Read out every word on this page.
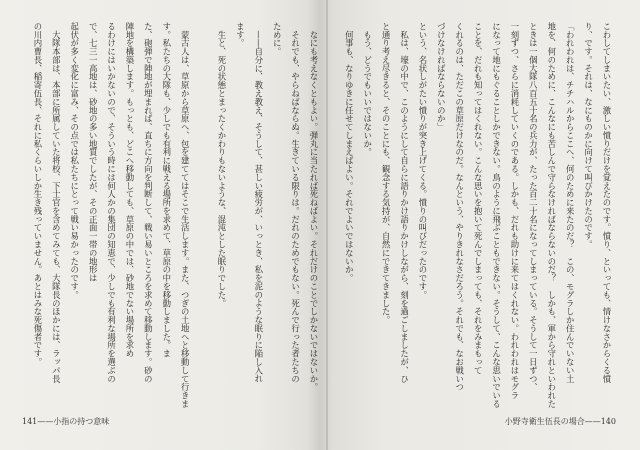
　なにも考えなくともよい。弾丸に当たれば死ねばよい。それだけのことでしかないではないか。
　それでも、やらねばならぬ。生きている限りは。だれのためでもない。死んで行った者たちの
ために。
　——自分に、教え教え、そうして、甚しい疲労が、いっとき、私を泥のような眠りに陥し入れ
ます。
　生と、死の状態とまったくかわりもないような、混沌とした眠りでした。
　蒙古人は、草原から草原へ、包を建ててはそこで生活します。また、つぎの土地へと移動して行きま
す。私たちの大隊も、少しでも有利に戦える場所を求めて、草原の中を移動しました。ま
た、砲弾で陣地が埋まれば、直ちに方向を判断して、戦い易いところを求めて移動します。砂の
陣地を構築します。もっとも、どこへ移動しても、草原の中では、砂地でない場所を求め
るわけにはいかないので、そういう時には何人かの集団の知恵で、少しでも有利な場所を選ぶの
で、七三一高地は、砂地の多い地質でしたが、その正面一帯の地形は
起伏が多く変化に富み、その点では私たちにとって戦い易かったのです。
　大隊本部は、本部に所属していた将校、下士官を含めてみても、大隊長のほかには、ラッパ長
の川内曹長、稲寄伍長、それに私くらいしか生き残っていません。あとはみな死傷者です。	こわしてしまいたい、激しい憤りだけを覚えたのです。憤り、といっても、情けなさからくる憤
り、です。それは、なにものかに向けて叫びかけたのです。
「われわれは、チチハルからここへ、何のために来たのだ？　この、モグラしか住んでいない土
地を、何のために、こんなにも苦しんで守らなければならないのだ？　しかも、軍から守れといわれた
ときは一個大隊八百五十名の兵力が、たった百二十名になってしまっている。そうして一日ずつ、
一刻ずつ、さらに消耗していくのである。しかも、だれも助けに来てはくれない。われわれはモグラ
になって地にもぐることしかできない。鳥のように飛ぶこともできない。そうして、こんな思いでいる
ことを、だれも知ってはくれない。こんな思いを抱いて死んでしまっても、それをみまもって
くれるのは、ただこの草原だけなのだ。なんという、やりきれなさだろう。それでも、なお戦いつ
づけなければならないのか」
という、名状しがたい憤りが突き上げてくる。憤りの叫びだったのです。
　私は、壕の中で、このようにして自らに語りかけ語りかけしながら、刻を過ごしましたが、ひ
と通り考え尽きると、そのことにも、観念する気持が、自然にできてきました。
　もう、どうでもいいではないか。
　何事も、なりゆきに任せてしまえばよい。それでよいではないか。
141——小指の持つ意味	小野寺衛生伍長の場合——140
